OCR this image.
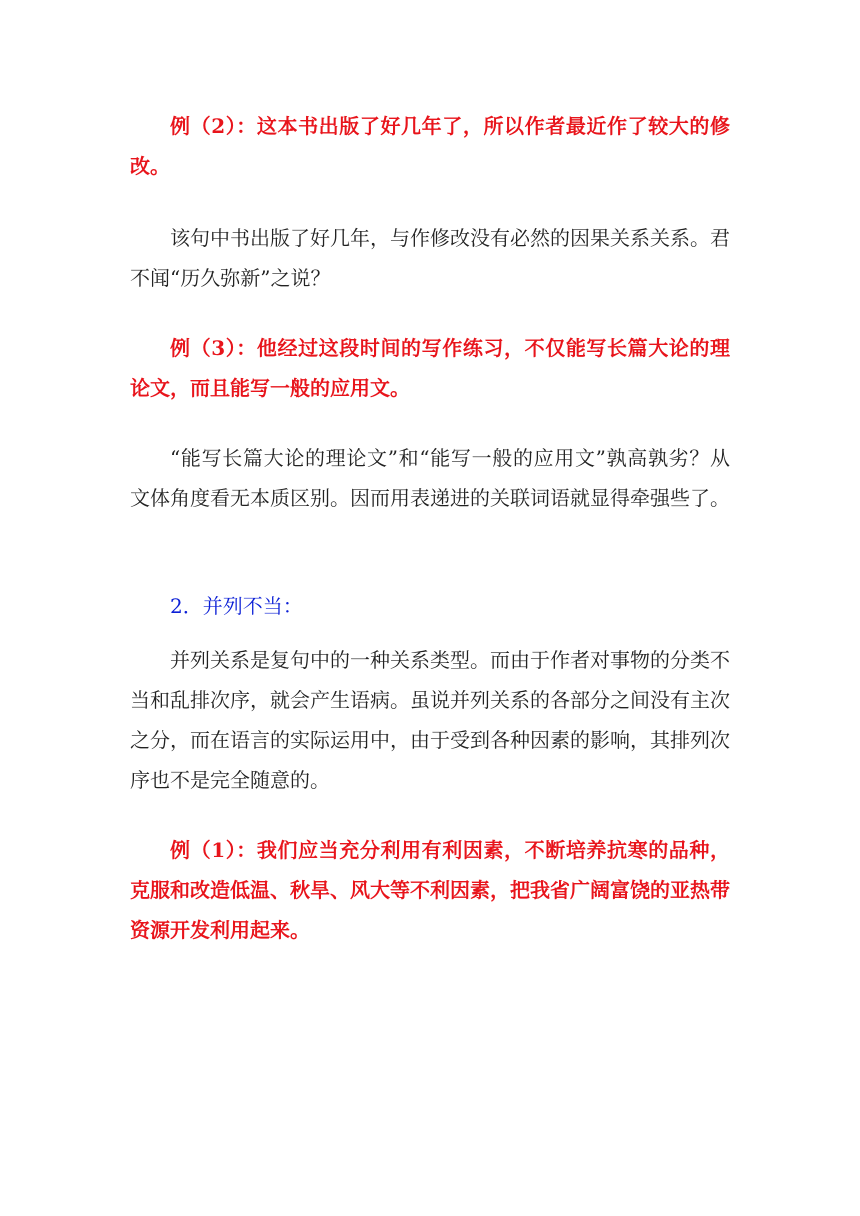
例（2）：这本书出版了好几年了，所以作者最近作了较大的修改。

该句中书出版了好几年，与作修改没有必然的因果关系关系。君不闻“历久弥新”之说？

例（3）：他经过这段时间的写作练习，不仅能写长篇大论的理论文，而且能写一般的应用文。

“能写长篇大论的理论文”和“能写一般的应用文”孰高孰劣？从文体角度看无本质区别。因而用表递进的关联词语就显得牵强些了。

2．并列不当：

并列关系是复句中的一种关系类型。而由于作者对事物的分类不当和乱排次序，就会产生语病。虽说并列关系的各部分之间没有主次之分，而在语言的实际运用中，由于受到各种因素的影响，其排列次序也不是完全随意的。

例（1）：我们应当充分利用有利因素，不断培养抗寒的品种，克服和改造低温、秋旱、风大等不利因素，把我省广阔富饶的亚热带资源开发利用起来。
